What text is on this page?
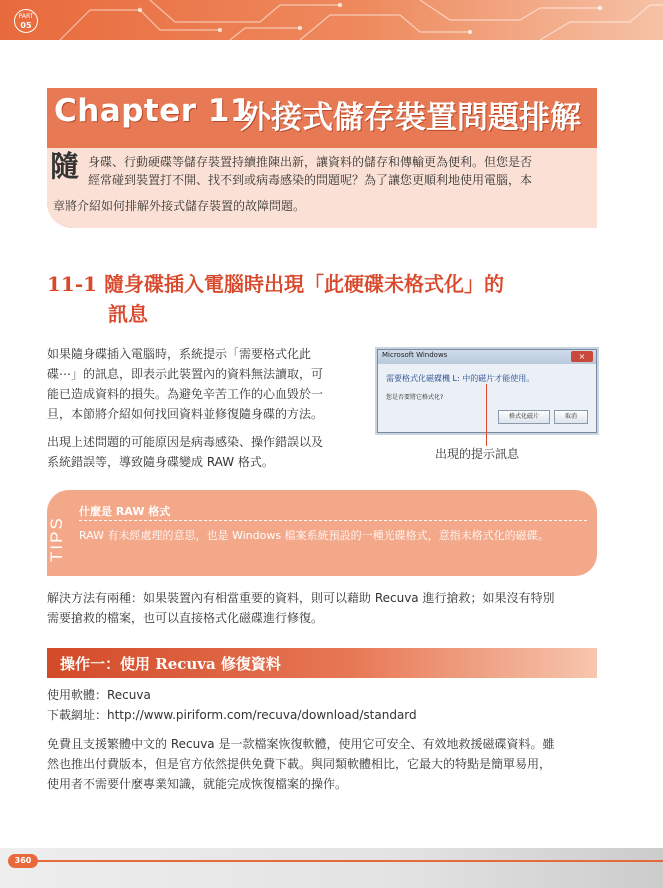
PART
05
Chapter 11
外接式儲存裝置問題排解
隨 身碟、行動硬碟等儲存裝置持續推陳出新，讓資料的儲存和傳輸更為便利。但您是否
經常碰到裝置打不開、找不到或病毒感染的問題呢？為了讓您更順利地使用電腦，本
章將介紹如何排解外接式儲存裝置的故障問題。
11-1 隨身碟插入電腦時出現「此硬碟未格式化」的
訊息
如果隨身碟插入電腦時，系統提示「需要格式化此
碟⋯」的訊息，即表示此裝置內的資料無法讀取，可
能已造成資料的損失。為避免辛苦工作的心血毀於一
旦，本節將介紹如何找回資料並修復隨身碟的方法。
出現上述問題的可能原因是病毒感染、操作錯誤以及
系統錯誤等，導致隨身碟變成 RAW 格式。
Microsoft Windows	×
需要格式化磁碟機 L: 中的磁片才能使用。
您是否要將它格式化?
格式化磁片	取消
出現的提示訊息
TIPS
什麼是 RAW 格式
RAW 有未經處理的意思，也是 Windows 檔案系統預設的一種光碟格式，意指未格式化的磁碟。
解決方法有兩種：如果裝置內有相當重要的資料，則可以藉助 Recuva 進行搶救；如果沒有特別
需要搶救的檔案，也可以直接格式化磁碟進行修復。
操作一：使用 Recuva 修復資料
使用軟體：Recuva
下載網址：http://www.piriform.com/recuva/download/standard
免費且支援繁體中文的 Recuva 是一款檔案恢復軟體，使用它可安全、有效地救援磁碟資料。雖
然也推出付費版本，但是官方依然提供免費下載。與同類軟體相比，它最大的特點是簡單易用，
使用者不需要什麼專業知識，就能完成恢復檔案的操作。
360
